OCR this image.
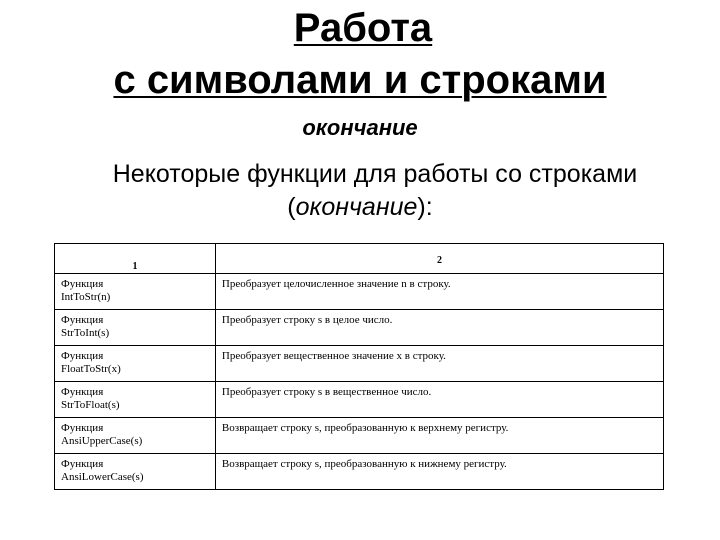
Работа
с символами и строками
окончание
Некоторые функции для работы со строками
(окончание):
1	2

Функция
IntToStr(n)	Преобразует целочисленное значение n в строку.

Функция
StrToInt(s)	Преобразует строку s в целое число.

Функция
FloatToStr(x)	Преобразует вещественное значение x в строку.

Функция
StrToFloat(s)	Преобразует строку s в вещественное число.

Функция
AnsiUpperCase(s)	Возвращает строку s, преобразованную к верхнему регистру.

Функция
AnsiLowerCase(s)	Возвращает строку s, преобразованную к нижнему регистру.
